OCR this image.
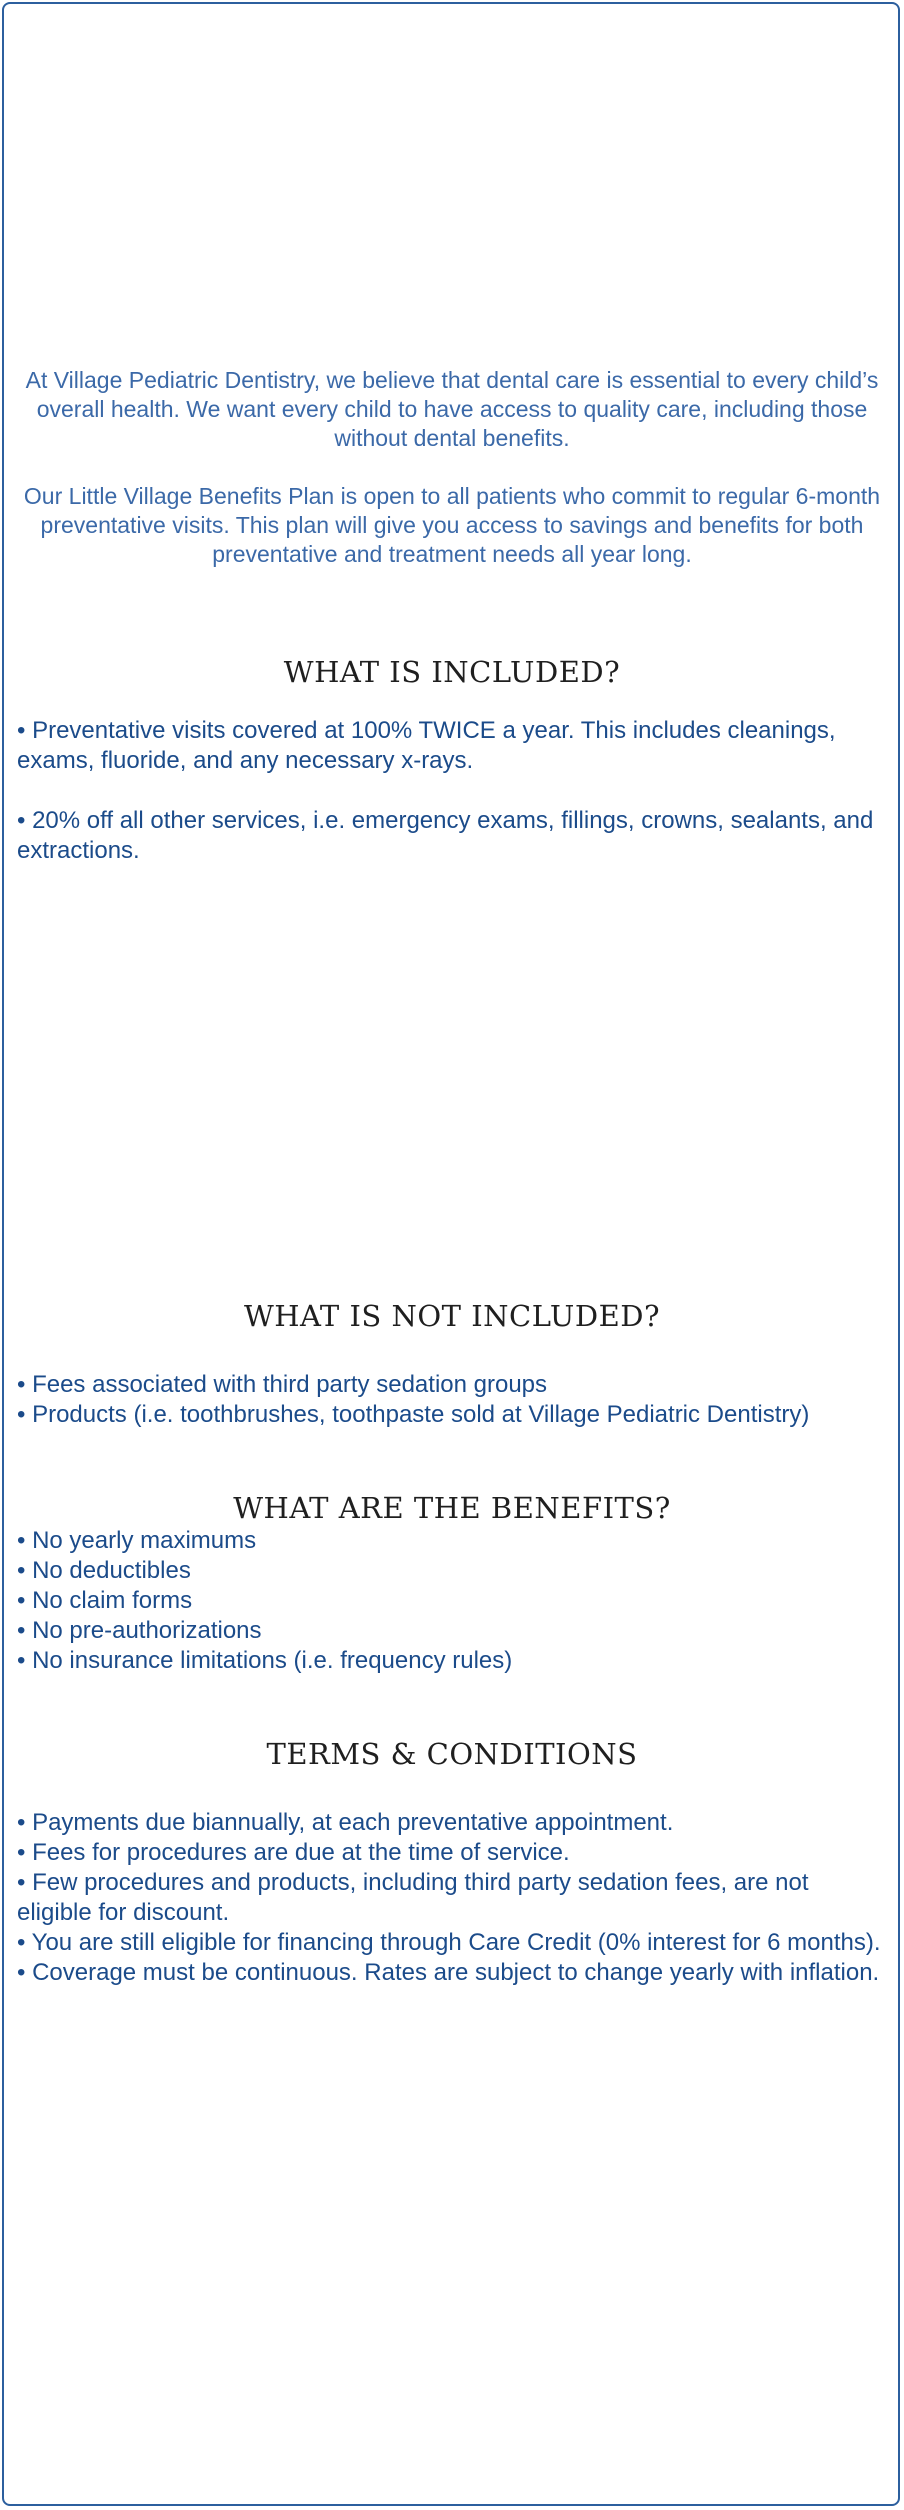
At Village Pediatric Dentistry, we believe that dental care is essential to every child’s overall health. We want every child to have access to quality care, including those without dental benefits.

Our Little Village Benefits Plan is open to all patients who commit to regular 6-month preventative visits. This plan will give you access to savings and benefits for both preventative and treatment needs all year long.

WHAT IS INCLUDED?
• Preventative visits covered at 100% TWICE a year. This includes cleanings, exams, fluoride, and any necessary x-rays.
• 20% off all other services, i.e. emergency exams, fillings, crowns, sealants, and extractions.
WHAT IS NOT INCLUDED?
• Fees associated with third party sedation groups
• Products (i.e. toothbrushes, toothpaste sold at Village Pediatric Dentistry)
WHAT ARE THE BENEFITS?
• No yearly maximums
• No deductibles
• No claim forms
• No pre-authorizations
• No insurance limitations (i.e. frequency rules)
TERMS & CONDITIONS
• Payments due biannually, at each preventative appointment.
• Fees for procedures are due at the time of service.
• Few procedures and products, including third party sedation fees, are not eligible for discount.
• You are still eligible for financing through Care Credit (0% interest for 6 months).
• Coverage must be continuous. Rates are subject to change yearly with inflation.
